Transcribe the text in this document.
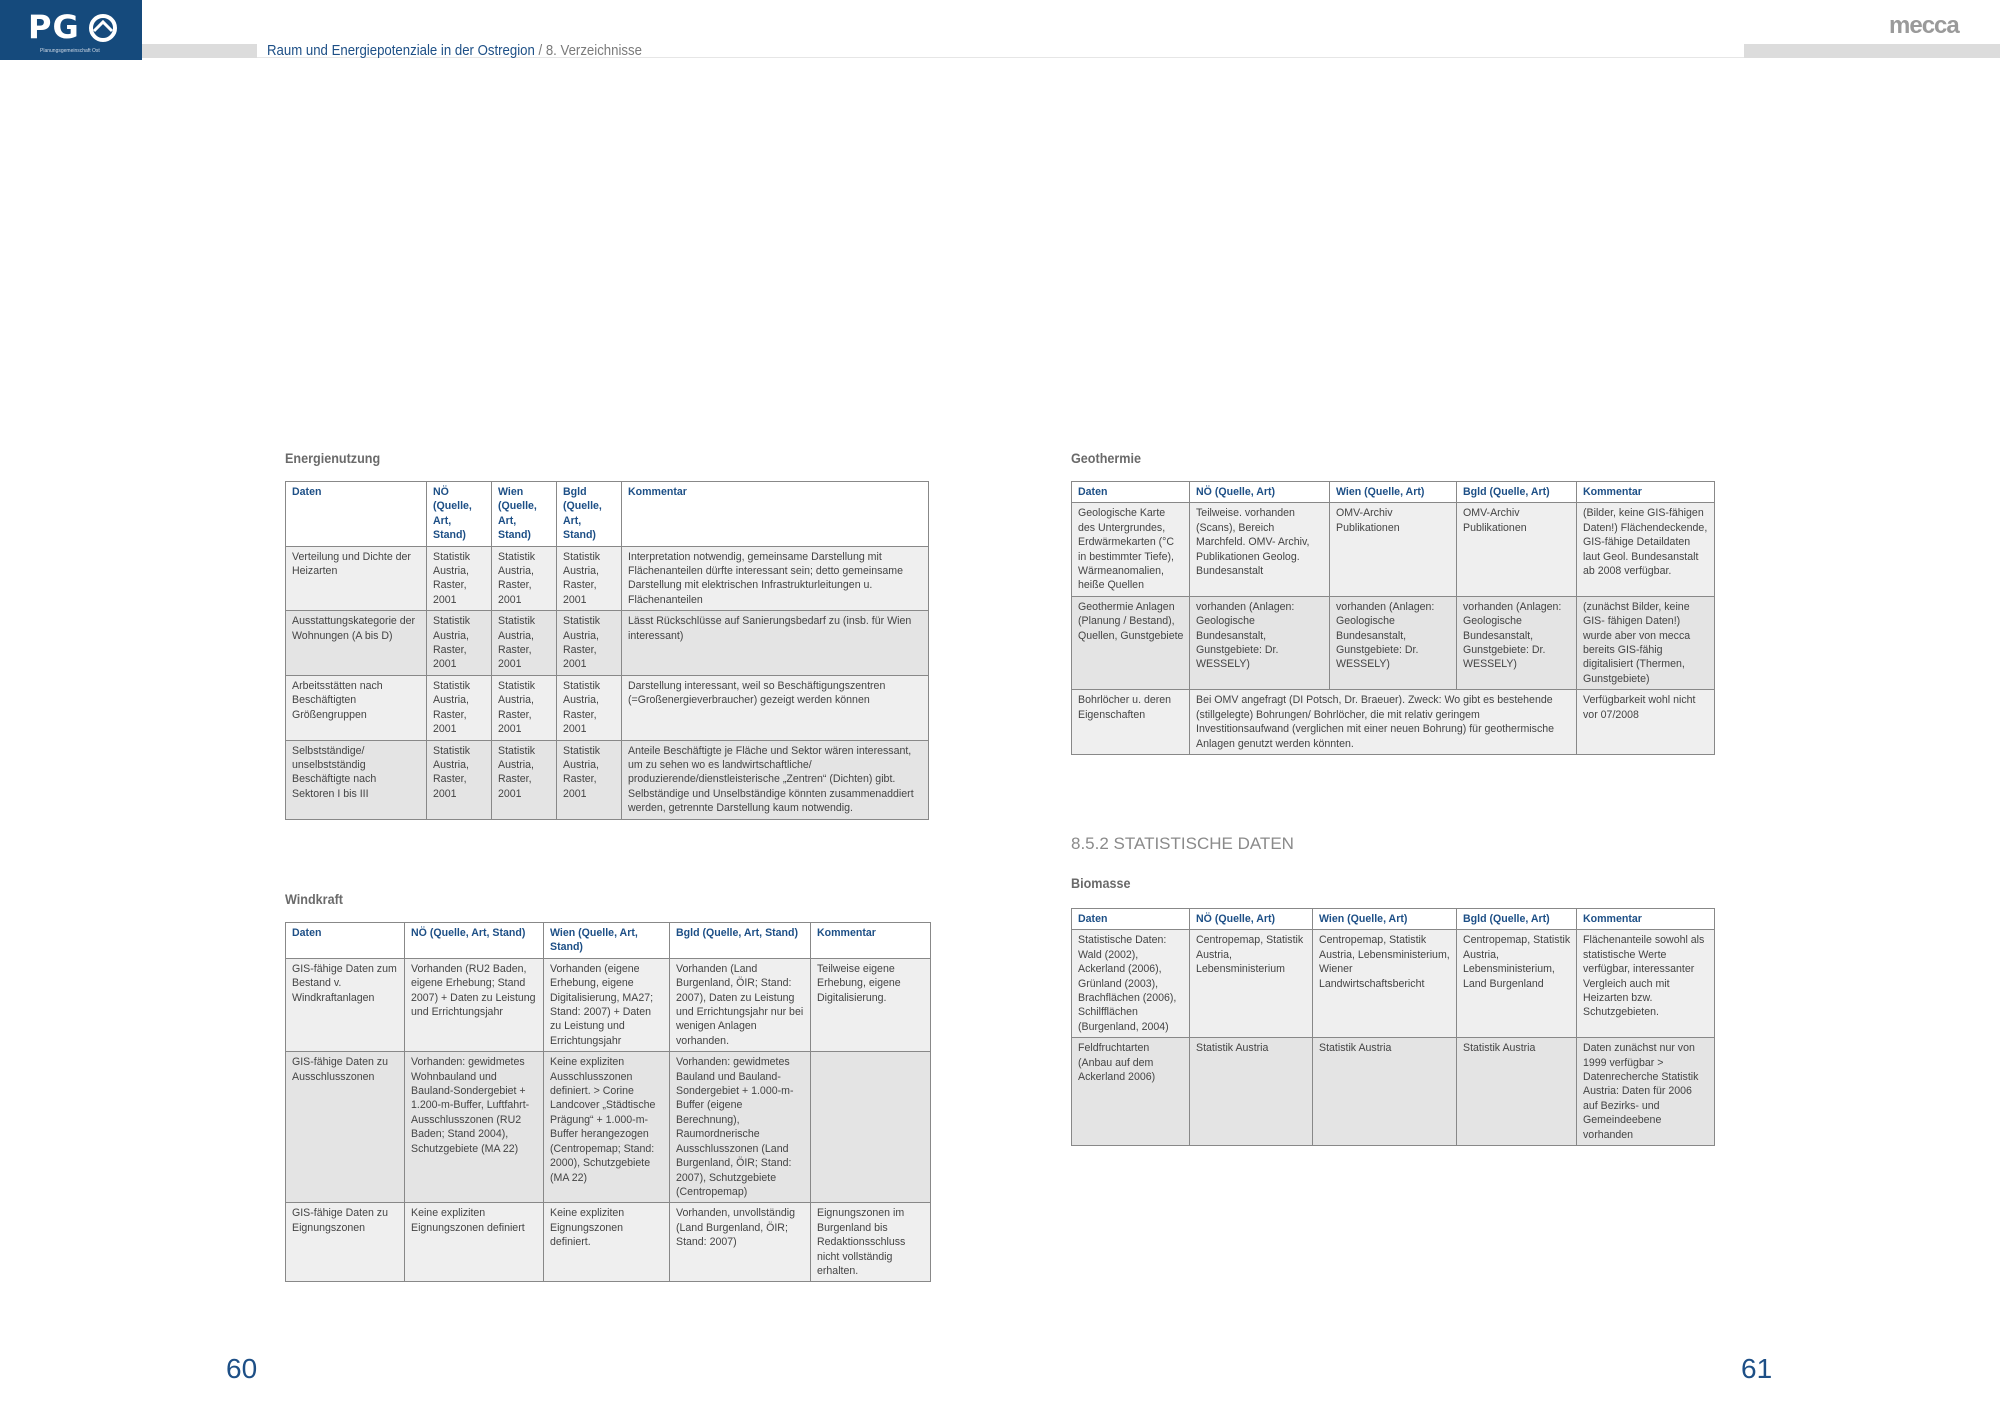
PG
Planungsgemeinschaft Ost	Raum und Energiepotenziale in der Ostregion / 8. Verzeichnisse
mecca
Energienutzung
Daten	NÖ (Quelle, Art, Stand)	Wien (Quelle, Art, Stand)	Bgld (Quelle, Art, Stand)	Kommentar
Verteilung und Dichte der Heizarten	Statistik Austria, Raster, 2001	Statistik Austria, Raster, 2001	Statistik Austria, Raster, 2001	Interpretation notwendig, gemeinsame Darstellung mit Flächenanteilen dürfte interessant sein; detto gemeinsame Darstellung mit elektrischen Infrastrukturleitungen u. Flächenanteilen
Ausstattungskategorie der Wohnungen (A bis D)	Statistik Austria, Raster, 2001	Statistik Austria, Raster, 2001	Statistik Austria, Raster, 2001	Lässt Rückschlüsse auf Sanierungsbedarf zu (insb. für Wien interessant)
Arbeitsstätten nach Beschäftigten Größengruppen	Statistik Austria, Raster, 2001	Statistik Austria, Raster, 2001	Statistik Austria, Raster, 2001	Darstellung interessant, weil so Beschäftigungszentren (=Großenergieverbraucher) gezeigt werden können
Selbstständige/ unselbstständig Beschäftigte nach Sektoren I bis III	Statistik Austria, Raster, 2001	Statistik Austria, Raster, 2001	Statistik Austria, Raster, 2001	Anteile Beschäftigte je Fläche und Sektor wären interessant, um zu sehen wo es landwirtschaftliche/ produzierende/dienstleisterische „Zentren“ (Dichten) gibt. Selbständige und Unselbständige könnten zusammenaddiert werden, getrennte Darstellung kaum notwendig.
Windkraft
Daten	NÖ (Quelle, Art, Stand)	Wien (Quelle, Art, Stand)	Bgld (Quelle, Art, Stand)	Kommentar
GIS-fähige Daten zum Bestand v. Windkraftanlagen	Vorhanden (RU2 Baden, eigene Erhebung; Stand 2007) + Daten zu Leistung und Errichtungsjahr	Vorhanden (eigene Erhebung, eigene Digitalisierung, MA27; Stand: 2007) + Daten zu Leistung und Errichtungsjahr	Vorhanden (Land Burgenland, ÖIR; Stand: 2007), Daten zu Leistung und Errichtungsjahr nur bei wenigen Anlagen vorhanden.	Teilweise eigene Erhebung, eigene Digitalisierung.
GIS-fähige Daten zu Ausschlusszonen	Vorhanden: gewidmetes Wohnbauland und Bauland-Sondergebiet + 1.200-m-Buffer, Luftfahrt-Ausschlusszonen (RU2 Baden; Stand 2004), Schutzgebiete (MA 22)	Keine expliziten Ausschlusszonen definiert. > Corine Landcover „Städtische Prägung“ + 1.000-m-Buffer herangezogen (Centropemap; Stand: 2000), Schutzgebiete (MA 22)	Vorhanden: gewidmetes Bauland und Bauland-Sondergebiet + 1.000-m-Buffer (eigene Berechnung), Raumordnerische Ausschlusszonen (Land Burgenland, ÖIR; Stand: 2007), Schutzgebiete (Centropemap)	
GIS-fähige Daten zu Eignungszonen	Keine expliziten Eignungszonen definiert	Keine expliziten Eignungszonen definiert.	Vorhanden, unvollständig (Land Burgenland, ÖIR; Stand: 2007)	Eignungszonen im Burgenland bis Redaktionsschluss nicht vollständig erhalten.
Geothermie
Daten	NÖ (Quelle, Art)	Wien (Quelle, Art)	Bgld (Quelle, Art)	Kommentar
Geologische Karte des Untergrundes, Erdwärmekarten (°C in bestimmter Tiefe), Wärmeanomalien, heiße Quellen	Teilweise. vorhanden (Scans), Bereich Marchfeld. OMV- Archiv, Publikationen Geolog. Bundesanstalt	OMV-Archiv Publikationen	OMV-Archiv Publikationen	(Bilder, keine GIS-fähigen Daten!) Flächendeckende, GIS-fähige Detaildaten laut Geol. Bundesanstalt ab 2008 verfügbar.
Geothermie Anlagen (Planung / Bestand), Quellen, Gunstgebiete	vorhanden (Anlagen: Geologische Bundesanstalt, Gunstgebiete: Dr. WESSELY)	vorhanden (Anlagen: Geologische Bundesanstalt, Gunstgebiete: Dr. WESSELY)	vorhanden (Anlagen: Geologische Bundesanstalt, Gunstgebiete: Dr. WESSELY)	(zunächst Bilder, keine GIS- fähigen Daten!) wurde aber von mecca bereits GIS-fähig digitalisiert (Thermen, Gunstgebiete)
Bohrlöcher u. deren Eigenschaften	Bei OMV angefragt (DI Potsch, Dr. Braeuer). Zweck: Wo gibt es bestehende (stillgelegte) Bohrungen/ Bohrlöcher, die mit relativ geringem Investitionsaufwand (verglichen mit einer neuen Bohrung) für geothermische Anlagen genutzt werden könnten.			Verfügbarkeit wohl nicht vor 07/2008
8.5.2 STATISTISCHE DATEN
Biomasse
Daten	NÖ (Quelle, Art)	Wien (Quelle, Art)	Bgld (Quelle, Art)	Kommentar
Statistische Daten: Wald (2002), Ackerland (2006), Grünland (2003), Brachflächen (2006), Schilfflächen (Burgenland, 2004)	Centropemap, Statistik Austria, Lebensministerium	Centropemap, Statistik Austria, Lebensministerium, Wiener Landwirtschaftsbericht	Centropemap, Statistik Austria, Lebensministerium, Land Burgenland	Flächenanteile sowohl als statistische Werte verfügbar, interessanter Vergleich auch mit Heizarten bzw. Schutzgebieten.
Feldfruchtarten (Anbau auf dem Ackerland 2006)	Statistik Austria	Statistik Austria	Statistik Austria	Daten zunächst nur von 1999 verfügbar > Datenrecherche Statistik Austria: Daten für 2006 auf Bezirks- und Gemeindeebene vorhanden
60	61
